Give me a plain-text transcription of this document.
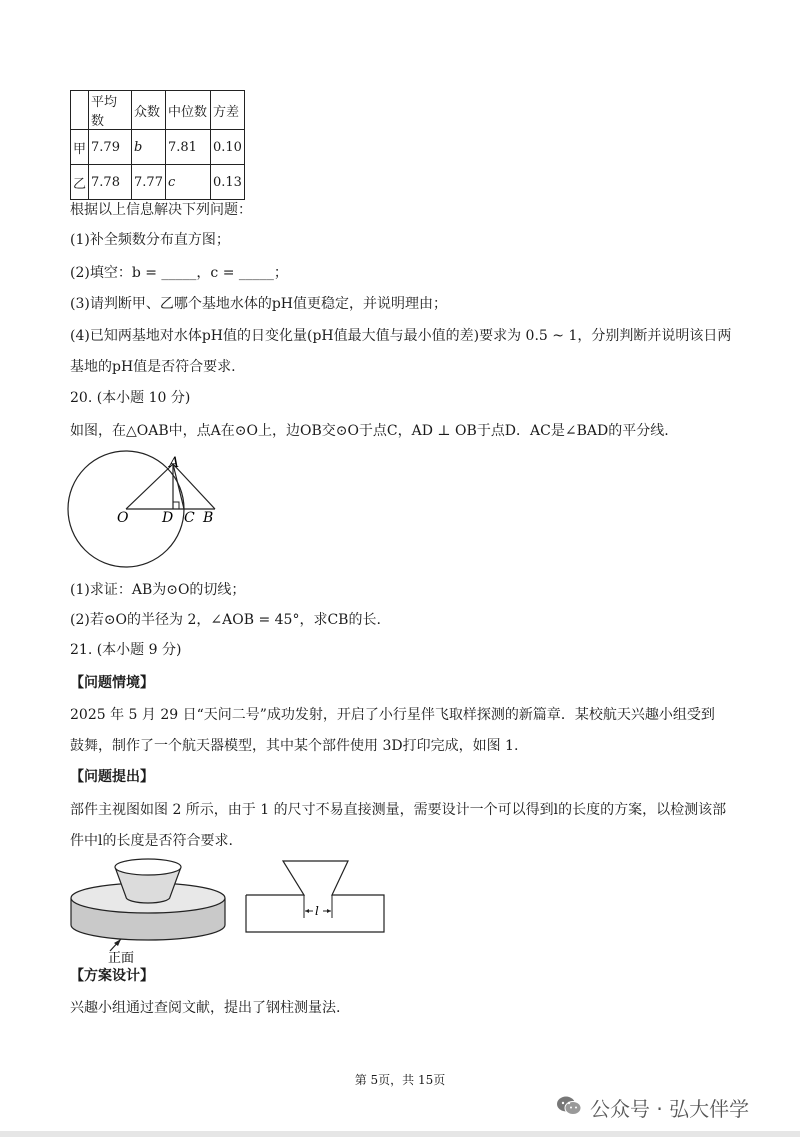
	平均数	众数	中位数	方差
甲	7.79	b	7.81	0.10
乙	7.78	7.77	c	0.13
根据以上信息解决下列问题：
(1)补全频数分布直方图；
(2)填空：b = _____，c = _____；
(3)请判断甲、乙哪个基地水体的pH值更稳定，并说明理由；
(4)已知两基地对水体pH值的日变化量(pH值最大值与最小值的差)要求为 0.5 ~ 1，分别判断并说明该日两
基地的pH值是否符合要求.
20. (本小题 10 分)
如图，在△OAB中，点A在⊙O上，边OB交⊙O于点C，AD ⊥ OB于点D．AC是∠BAD的平分线.
O
A
D C B
(1)求证：AB为⊙O的切线；
(2)若⊙O的半径为 2，∠AOB = 45°，求CB的长.
21. (本小题 9 分)
【问题情境】
2025 年 5 月 29 日“天问二号”成功发射，开启了小行星伴飞取样探测的新篇章．某校航天兴趣小组受到
鼓舞，制作了一个航天器模型，其中某个部件使用 3D打印完成，如图 1.
【问题提出】
部件主视图如图 2 所示，由于 1 的尺寸不易直接测量，需要设计一个可以得到l的长度的方案，以检测该部
件中l的长度是否符合要求.
正面
l
【方案设计】
兴趣小组通过查阅文献，提出了钢柱测量法.
第 5页，共 15页
公众号 · 弘大伴学
